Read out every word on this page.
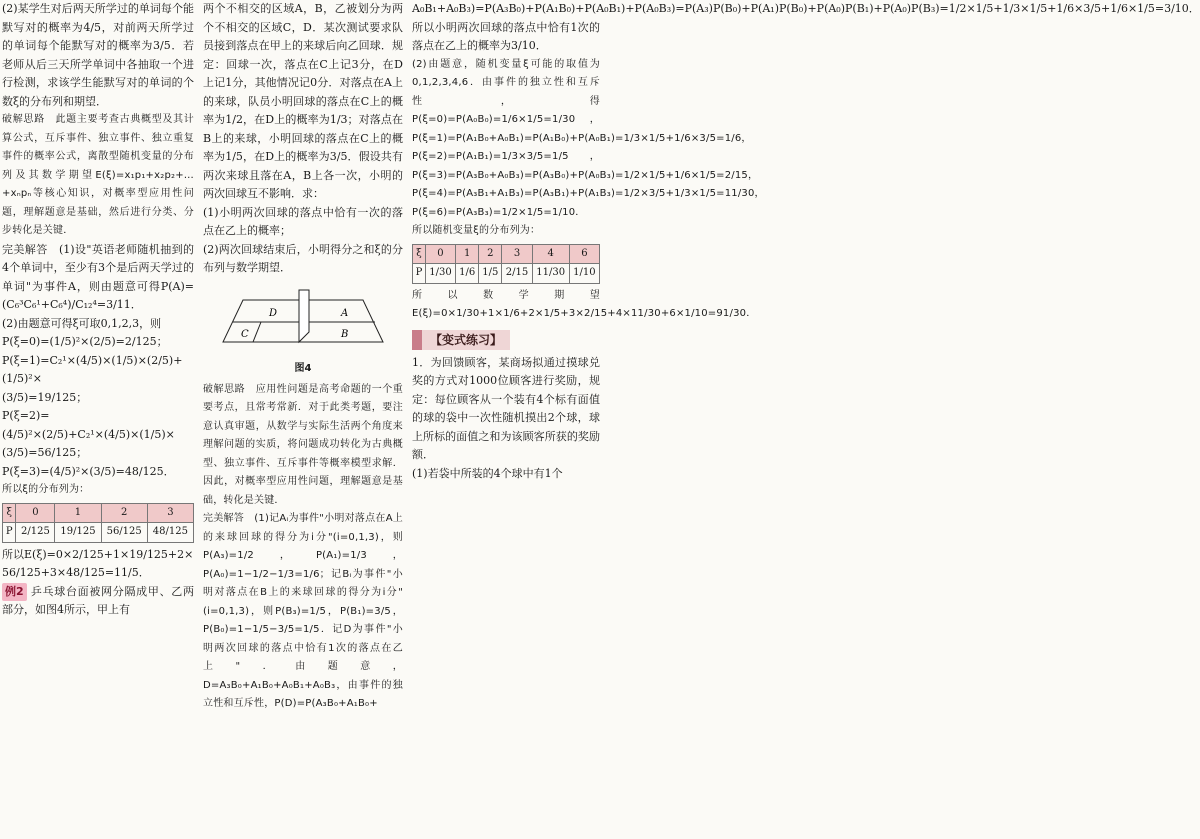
(2)某学生对后两天所学过的单词每个能默写对的概率为4/5，对前两天所学过的单词每个能默写对的概率为3/5．若老师从后三天所学单词中各抽取一个进行检测，求该学生能默写对的单词的个数ξ的分布列和期望．

破解思路　此题主要考查古典概型及其计算公式，互斥事件、独立事件、独立重复事件的概率公式，离散型随机变量的分布列及其数学期望E(ξ)=x₁p₁+x₂p₂+…+xₙpₙ等核心知识，对概率型应用性问题，理解题意是基础，然后进行分类、分步转化是关键．

完美解答　(1)设"英语老师随机抽到的4个单词中，至少有3个是后两天学过的单词"为事件A，则由题意可得P(A)=(C₆³C₆¹+C₆⁴)/C₁₂⁴=3/11．

(2)由题意可得ξ可取0,1,2,3，则

P(ξ=0)=(1/5)²×(2/5)=2/125；

P(ξ=1)=C₂¹×(4/5)×(1/5)×(2/5)+(1/5)²×

(3/5)=19/125；

P(ξ=2)=(4/5)²×(2/5)+C₂¹×(4/5)×(1/5)×

(3/5)=56/125；

P(ξ=3)=(4/5)²×(3/5)=48/125．

所以ξ的分布列为：

ξ	0	1	2	3
P	2/125	19/125	56/125	48/125

所以E(ξ)=0×2/125+1×19/125+2×

56/125+3×48/125=11/5．

例2 乒乓球台面被网分隔成甲、乙两部分，如图4所示，甲上有

两个不相交的区域A，B，乙被划分为两个不相交的区域C，D．某次测试要求队员接到落点在甲上的来球后向乙回球．规定：回球一次，落点在C上记3分，在D上记1分，其他情况记0分．对落点在A上的来球，队员小明回球的落点在C上的概率为1/2，在D上的概率为1/3；对落点在B上的来球，小明回球的落点在C上的概率为1/5，在D上的概率为3/5．假设共有两次来球且落在A，B上各一次，小明的两次回球互不影响．求：

(1)小明两次回球的落点中恰有一次的落点在乙上的概率；

(2)两次回球结束后，小明得分之和ξ的分布列与数学期望．

D
C
A
B
图4

破解思路　应用性问题是高考命题的一个重要考点，且常考常新．对于此类考题，要注意认真审题，从数学与实际生活两个角度来理解问题的实质，将问题成功转化为古典概型、独立事件、互斥事件等概率模型求解．因此，对概率型应用性问题，理解题意是基础，转化是关键．

完美解答　(1)记Aᵢ为事件"小明对落点在A上的来球回球的得分为i分"(i=0,1,3)，则P(A₃)=1/2，P(A₁)=1/3，P(A₀)=1−1/2−1/3=1/6；记Bᵢ为事件"小明对落点在B上的来球回球的得分为i分"(i=0,1,3)，则P(B₃)=1/5，P(B₁)=3/5，P(B₀)=1−1/5−3/5=1/5．记D为事件"小明两次回球的落点中恰有1次的落点在乙上"．由题意，D=A₃B₀+A₁B₀+A₀B₁+A₀B₃，由事件的独立性和互斥性，P(D)=P(A₃B₀+A₁B₀+

A₀B₁+A₀B₃)=P(A₃B₀)+P(A₁B₀)+P(A₀B₁)+P(A₀B₃)=P(A₃)P(B₀)+P(A₁)P(B₀)+P(A₀)P(B₁)+P(A₀)P(B₃)=1/2×1/5+1/3×1/5+1/6×3/5+1/6×1/5=3/10．所以小明两次回球的落点中恰有1次的落点在乙上的概率为3/10．

(2)由题意，随机变量ξ可能的取值为0,1,2,3,4,6．由事件的独立性和互斥性，得P(ξ=0)=P(A₀B₀)=1/6×1/5=1/30，P(ξ=1)=P(A₁B₀+A₀B₁)=P(A₁B₀)+P(A₀B₁)=1/3×1/5+1/6×3/5=1/6，P(ξ=2)=P(A₁B₁)=1/3×3/5=1/5，P(ξ=3)=P(A₃B₀+A₀B₃)=P(A₃B₀)+P(A₀B₃)=1/2×1/5+1/6×1/5=2/15，P(ξ=4)=P(A₃B₁+A₁B₃)=P(A₃B₁)+P(A₁B₃)=1/2×3/5+1/3×1/5=11/30，P(ξ=6)=P(A₃B₃)=1/2×1/5=1/10．

所以随机变量ξ的分布列为：

ξ	0	1	2	3	4	6
P	1/30	1/6	1/5	2/15	11/30	1/10

所以数学期望E(ξ)=0×1/30+1×1/6+2×1/5+3×2/15+4×11/30+6×1/10=91/30．

【变式练习】

1．为回馈顾客，某商场拟通过摸球兑奖的方式对1000位顾客进行奖励，规定：每位顾客从一个装有4个标有面值的球的袋中一次性随机摸出2个球，球上所标的面值之和为该顾客所获的奖励额．

(1)若袋中所装的4个球中有1个
